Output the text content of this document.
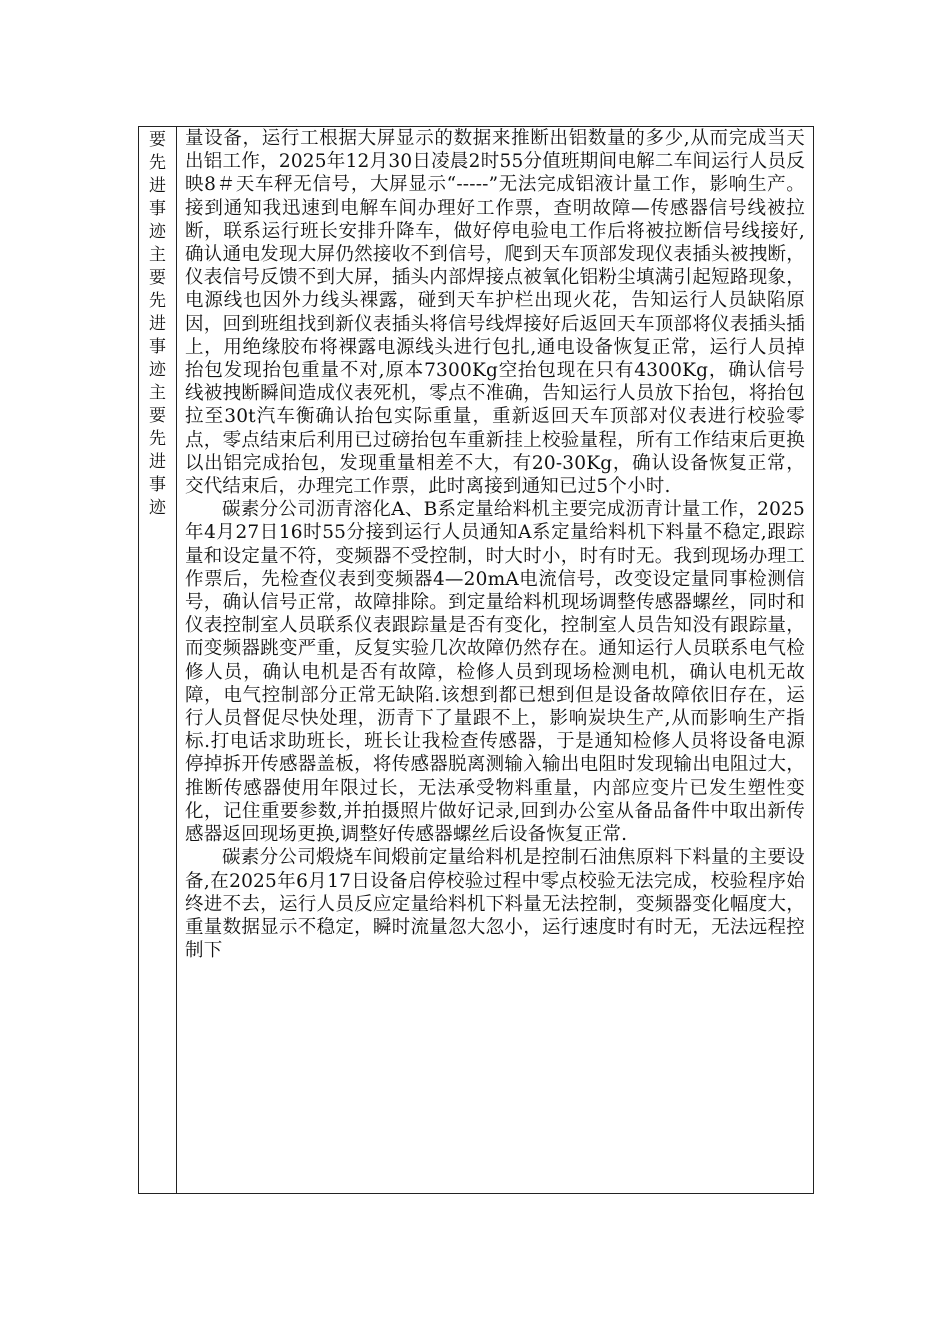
要
先
进
事
迹
主
要
先
进
事
迹
主
要
先
进
事
迹

量设备，运行工根据大屏显示的数据来推断出铝数量的多少,从而完成当天出铝工作，2025年12月30日凌晨2时55分值班期间电解二车间运行人员反映8＃天车秤无信号，大屏显示“-----”无法完成铝液计量工作，影响生产。接到通知我迅速到电解车间办理好工作票，查明故障—传感器信号线被拉断，联系运行班长安排升降车，做好停电验电工作后将被拉断信号线接好,确认通电发现大屏仍然接收不到信号，爬到天车顶部发现仪表插头被拽断，仪表信号反馈不到大屏，插头内部焊接点被氧化铝粉尘填满引起短路现象，电源线也因外力线头裸露，碰到天车护栏出现火花，告知运行人员缺陷原因，回到班组找到新仪表插头将信号线焊接好后返回天车顶部将仪表插头插上，用绝缘胶布将裸露电源线头进行包扎,通电设备恢复正常，运行人员掉抬包发现抬包重量不对,原本7300Kg空抬包现在只有4300Kg，确认信号线被拽断瞬间造成仪表死机，零点不准确，告知运行人员放下抬包，将抬包拉至30t汽车衡确认抬包实际重量，重新返回天车顶部对仪表进行校验零点，零点结束后利用已过磅抬包车重新挂上校验量程，所有工作结束后更换以出铝完成抬包，发现重量相差不大，有20-30Kg，确认设备恢复正常，交代结束后，办理完工作票，此时离接到通知已过5个小时.

碳素分公司沥青溶化A、B系定量给料机主要完成沥青计量工作，2025年4月27日16时55分接到运行人员通知A系定量给料机下料量不稳定,跟踪量和设定量不符，变频器不受控制，时大时小，时有时无。我到现场办理工作票后，先检查仪表到变频器4—20mA电流信号，改变设定量同事检测信号，确认信号正常，故障排除。到定量给料机现场调整传感器螺丝，同时和仪表控制室人员联系仪表跟踪量是否有变化，控制室人员告知没有跟踪量，而变频器跳变严重，反复实验几次故障仍然存在。通知运行人员联系电气检修人员，确认电机是否有故障，检修人员到现场检测电机，确认电机无故障，电气控制部分正常无缺陷.该想到都已想到但是设备故障依旧存在，运行人员督促尽快处理，沥青下了量跟不上，影响炭块生产,从而影响生产指标.打电话求助班长，班长让我检查传感器，于是通知检修人员将设备电源停掉拆开传感器盖板，将传感器脱离测输入输出电阻时发现输出电阻过大，推断传感器使用年限过长，无法承受物料重量，内部应变片已发生塑性变化，记住重要参数,并拍摄照片做好记录,回到办公室从备品备件中取出新传感器返回现场更换,调整好传感器螺丝后设备恢复正常.

碳素分公司煅烧车间煅前定量给料机是控制石油焦原料下料量的主要设备,在2025年6月17日设备启停校验过程中零点校验无法完成，校验程序始终进不去，运行人员反应定量给料机下料量无法控制，变频器变化幅度大，重量数据显示不稳定，瞬时流量忽大忽小，运行速度时有时无，无法远程控制下
